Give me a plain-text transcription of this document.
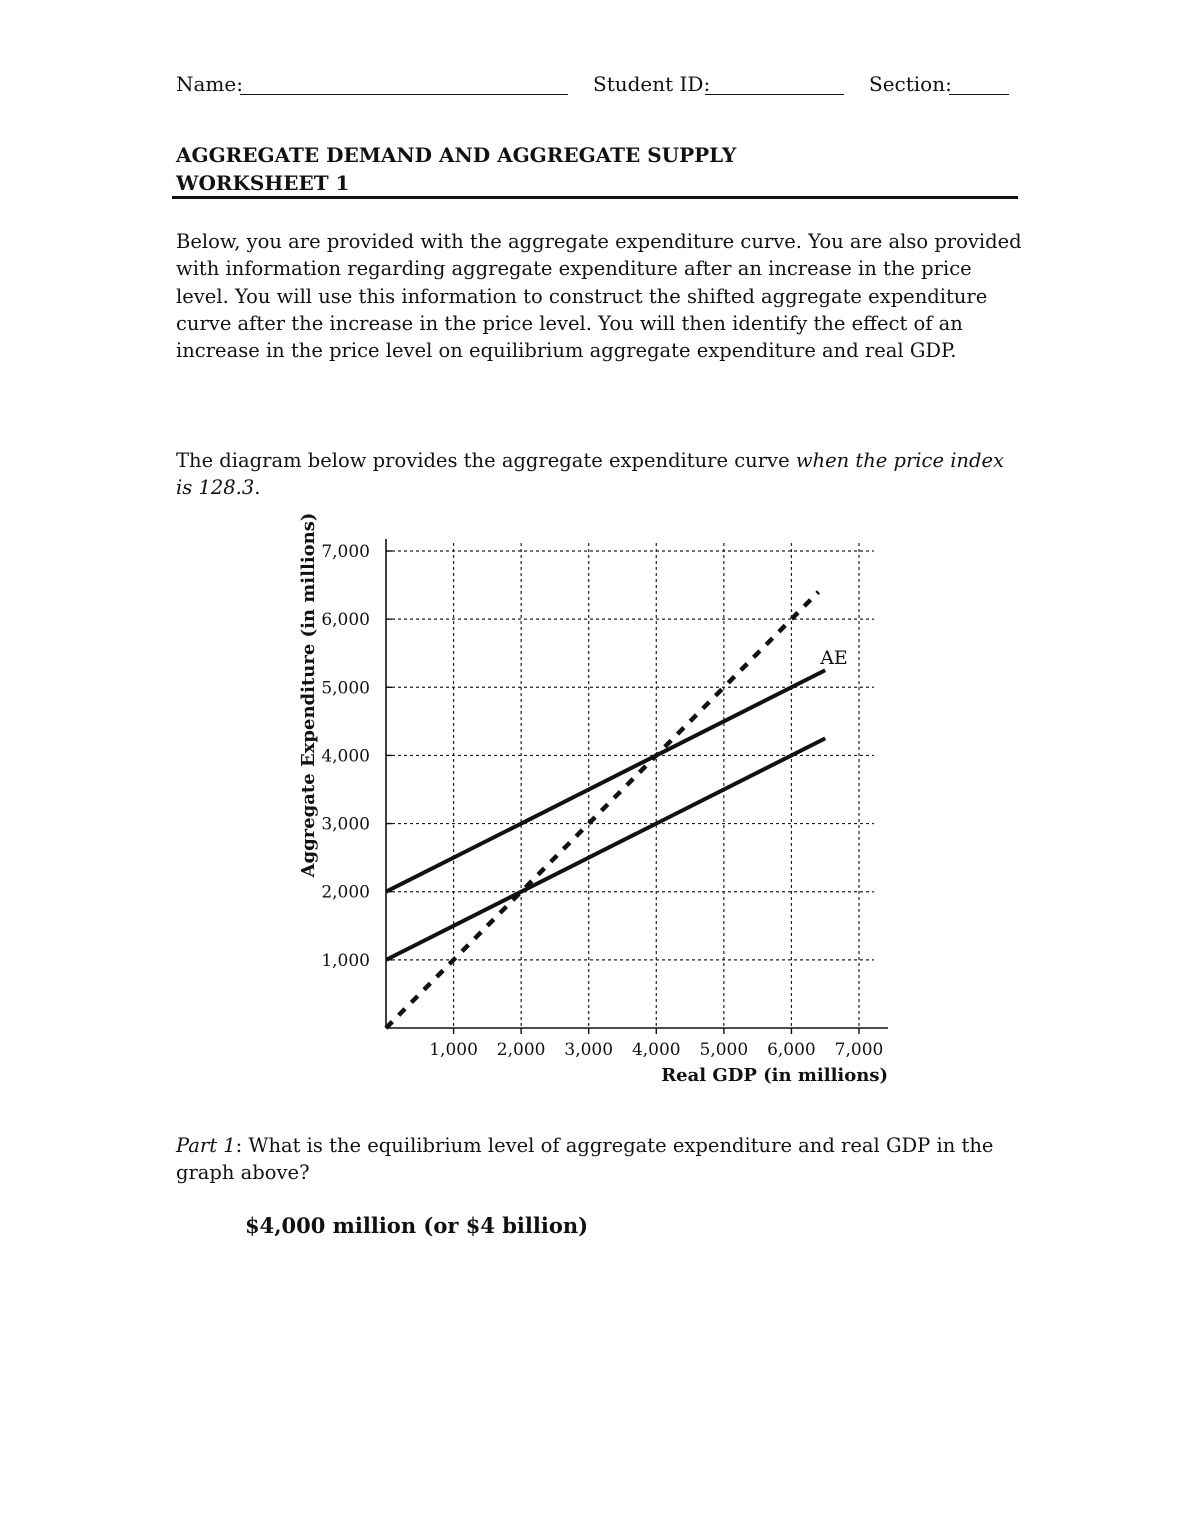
Name:	Student ID:	Section:
AGGREGATE DEMAND AND AGGREGATE SUPPLY
WORKSHEET 1
Below, you are provided with the aggregate expenditure curve. You are also provided with information regarding aggregate expenditure after an increase in the price level. You will use this information to construct the shifted aggregate expenditure curve after the increase in the price level. You will then identify the effect of an increase in the price level on equilibrium aggregate expenditure and real GDP.
The diagram below provides the aggregate expenditure curve when the price index is 128.3.
Real GDP (in millions)
Aggregate Expenditure (in millions)	AE
1,000 2,000 3,000 4,000 5,000 6,000 7,000
1,000
2,000
3,000
4,000
5,000
6,000
7,000
Part 1: What is the equilibrium level of aggregate expenditure and real GDP in the graph above?
$4,000 million (or $4 billion)
